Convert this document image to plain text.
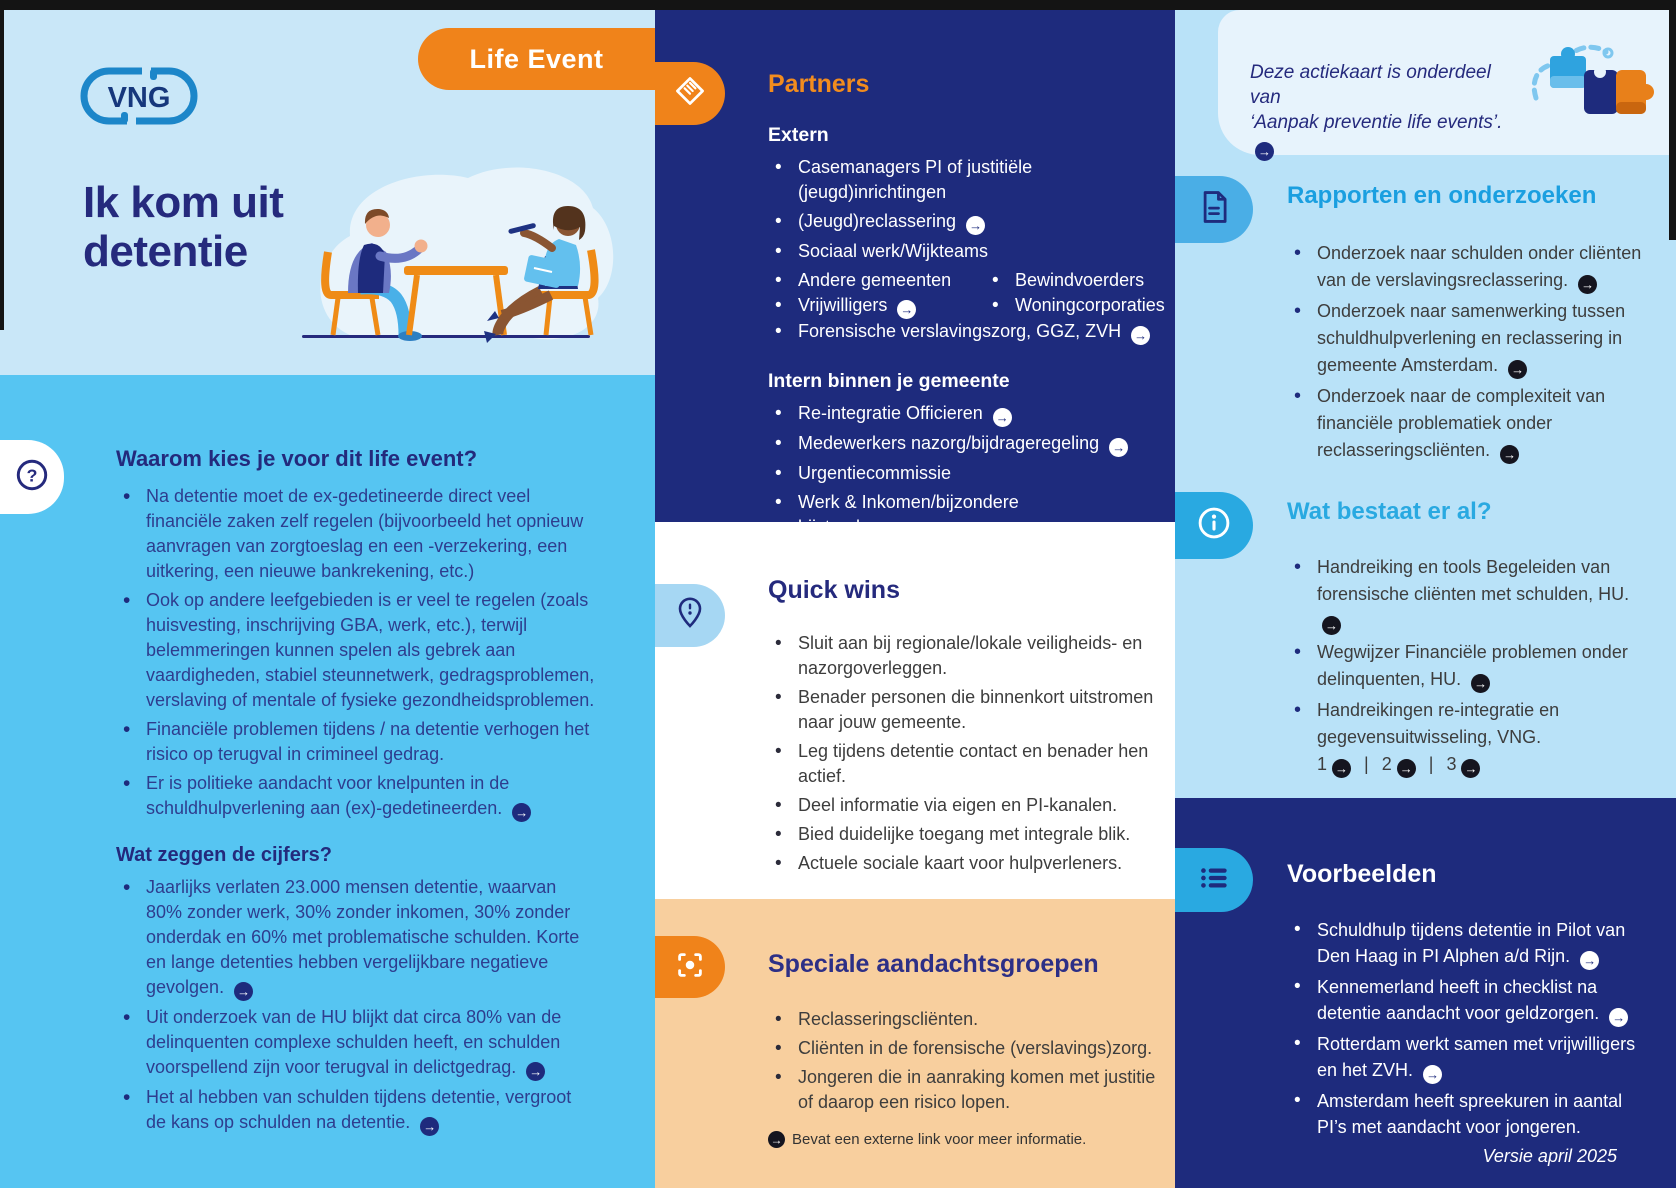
VNG
Life Event
Ik kom uit detentie
?
Waarom kies je voor dit life event?
• Na detentie moet de ex-gedetineerde direct veel financiële zaken zelf regelen (bijvoorbeeld het opnieuw aanvragen van zorgtoeslag en een -verzekering, een uitkering, een nieuwe bankrekening, etc.)
• Ook op andere leefgebieden is er veel te regelen (zoals huisvesting, inschrijving GBA, werk, etc.), terwijl belemmeringen kunnen spelen als gebrek aan vaardigheden, stabiel steunnetwerk, gedragsproblemen, verslaving of mentale of fysieke gezondheidsproblemen.
• Financiële problemen tijdens / na detentie verhogen het risico op terugval in crimineel gedrag.
• Er is politieke aandacht voor knelpunten in de schuldhulpverlening aan (ex)-gedetineerden. →
Wat zeggen de cijfers?
• Jaarlijks verlaten 23.000 mensen detentie, waarvan 80% zonder werk, 30% zonder inkomen, 30% zonder onderdak en 60% met problematische schulden. Korte en lange detenties hebben vergelijkbare negatieve gevolgen. →
• Uit onderzoek van de HU blijkt dat circa 80% van de delinquenten complexe schulden heeft, en schulden voorspellend zijn voor terugval in delictgedrag. →
• Het al hebben van schulden tijdens detentie, vergroot de kans op schulden na detentie. →
Partners
Extern
• Casemanagers PI of justitiële (jeugd)inrichtingen
• (Jeugd)reclassering →
• Sociaal werk/Wijkteams
• Andere gemeenten	• Bewindvoerders
• Vrijwilligers →	• Woningcorporaties
• Forensische verslavingszorg, GGZ, ZVH →
Intern binnen je gemeente
• Re-integratie Officieren →
• Medewerkers nazorg/bijdrageregeling →
• Urgentiecommissie
• Werk & Inkomen/bijzondere bijstand
Quick wins
• Sluit aan bij regionale/lokale veiligheids- en nazorgoverleggen.
• Benader personen die binnenkort uitstromen naar jouw gemeente.
• Leg tijdens detentie contact en benader hen actief.
• Deel informatie via eigen en PI-kanalen.
• Bied duidelijke toegang met integrale blik.
• Actuele sociale kaart voor hulpverleners.
Speciale aandachtsgroepen
• Reclasseringscliënten.
• Cliënten in de forensische (verslavings)zorg.
• Jongeren die in aanraking komen met justitie of daarop een risico lopen.
→ Bevat een externe link voor meer informatie.
Deze actiekaart is onderdeel van
‘Aanpak preventie life events’. →
Rapporten en onderzoeken
• Onderzoek naar schulden onder cliënten van de verslavingsreclassering. →
• Onderzoek naar samenwerking tussen schuldhulpverlening en reclassering in gemeente Amsterdam. →
• Onderzoek naar de complexiteit van financiële problematiek onder reclasseringscliënten. →
Wat bestaat er al?
• Handreiking en tools Begeleiden van forensische cliënten met schulden, HU. →
• Wegwijzer Financiële problemen onder delinquenten, HU. →
• Handreikingen re-integratie en gegevensuitwisseling, VNG.
1 → | 2 → | 3 →
Voorbeelden
• Schuldhulp tijdens detentie in Pilot van Den Haag in PI Alphen a/d Rijn. →
• Kennemerland heeft in checklist na detentie aandacht voor geldzorgen. →
• Rotterdam werkt samen met vrijwilligers en het ZVH. →
• Amsterdam heeft spreekuren in aantal PI’s met aandacht voor jongeren.
Versie april 2025
